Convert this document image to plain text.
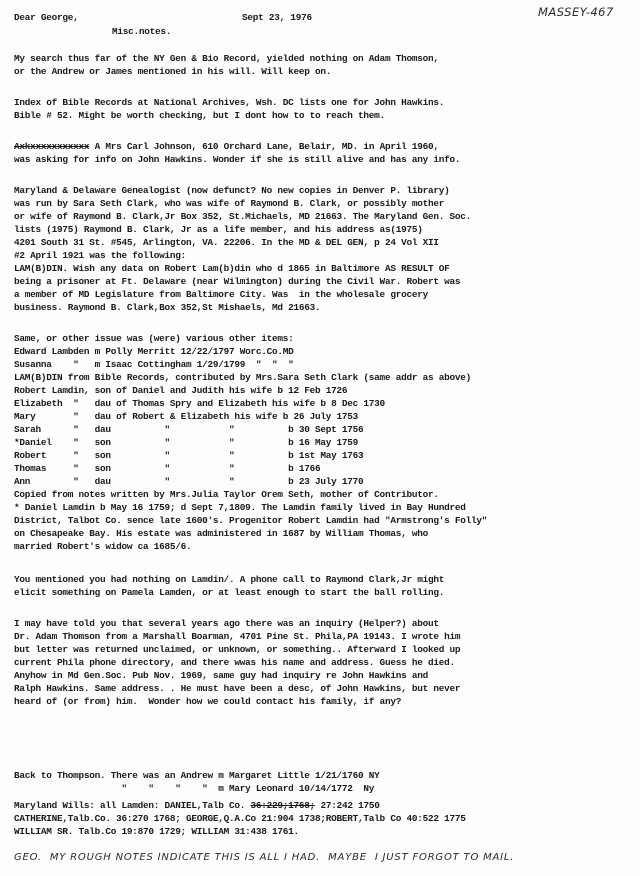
MASSEY-467
Dear George,	Sept 23, 1976
Misc.notes.
My search thus far of the NY Gen & Bio Record, yielded nothing on Adam Thomson,
or the Andrew or James mentioned in his will. Will keep on.
Index of Bible Records at National Archives, Wsh. DC lists one for John Hawkins.
Bible # 52. Might be worth checking, but I dont how to to reach them.
Axkxxxxxxxxxxx A Mrs Carl Johnson, 610 Orchard Lane, Belair, MD. in April 1960,
was asking for info on John Hawkins. Wonder if she is still alive and has any info.
Maryland & Delaware Genealogist (now defunct? No new copies in Denver P. library)
was run by Sara Seth Clark, who was wife of Raymond B. Clark, or possibly mother
or wife of Raymond B. Clark,Jr Box 352, St.Michaels, MD 21663. The Maryland Gen. Soc.
lists (1975) Raymond B. Clark, Jr as a life member, and his address as(1975)
4201 South 31 St. #545, Arlington, VA. 22206. In the MD & DEL GEN, p 24 Vol XII
#2 April 1921 was the following:
LAM(B)DIN. Wish any data on Robert Lam(b)din who d 1865 in Baltimore AS RESULT OF
being a prisoner at Ft. Delaware (near Wilmington) during the Civil War. Robert was
a member of MD Legislature from Baltimore City. Was  in the wholesale grocery
business. Raymond B. Clark,Box 352,St Mishaels, Md 21663.
Same, or other issue was (were) various other items:
Edward Lambden m Polly Merritt 12/22/1797 Worc.Co.MD
Susanna    "   m Isaac Cottingham 1/29/1799  "  "  "
LAM(B)DIN from Bible Records, contributed by Mrs.Sara Seth Clark (same addr as above)
Robert Lamdin, son of Daniel and Judith his wife b 12 Feb 1726
Elizabeth  "   dau of Thomas Spry and Elizabeth his wife b 8 Dec 1730
Mary       "   dau of Robert & Elizabeth his wife b 26 July 1753
Sarah      "   dau          "           "          b 30 Sept 1756
*Daniel    "   son          "           "          b 16 May 1759
Robert     "   son          "           "          b 1st May 1763
Thomas     "   son          "           "          b 1766
Ann        "   dau          "           "          b 23 July 1770
Copied from notes written by Mrs.Julia Taylor Orem Seth, mother of Contributor.
* Daniel Lamdin b May 16 1759; d Sept 7,1809. The Lamdin family lived in Bay Hundred
District, Talbot Co. sence late 1600's. Progenitor Robert Lamdin had "Armstrong's Folly"
on Chesapeake Bay. His estate was administered in 1687 by William Thomas, who
married Robert's widow ca 1685/6.
You mentioned you had nothing on Lamdin/. A phone call to Raymond Clark,Jr might
elicit something on Pamela Lamden, or at least enough to start the ball rolling.
I may have told you that several years ago there was an inquiry (Helper?) about
Dr. Adam Thomson from a Marshall Boarman, 4701 Pine St. Phila,PA 19143. I wrote him
but letter was returned unclaimed, or unknown, or something.. Afterward I looked up
current Phila phone directory, and there wwas his name and address. Guess he died.
Anyhow in Md Gen.Soc. Pub Nov. 1969, same guy had inquiry re John Hawkins and
Ralph Hawkins. Same address. . He must have been a desc, of John Hawkins, but never
heard of (or from) him.  Wonder how we could contact his family, if any?
Back to Thompson. There was an Andrew m Margaret Little 1/21/1760 NY
"    "    "    "  m Mary Leonard 10/14/1772  Ny
Maryland Wills: all Lamden: DANIEL,Talb Co. 36:229;1768; 27:242 1750
CATHERINE,Talb.Co. 36:270 1768; GEORGE,Q.A.Co 21:904 1738;ROBERT,Talb Co 40:522 1775
WILLIAM SR. Talb.Co 19:870 1729; WILLIAM 31:438 1761.
GEO.  MY ROUGH NOTES INDICATE THIS IS ALL I HAD.  MAYBE  I JUST FORGOT TO MAIL.
